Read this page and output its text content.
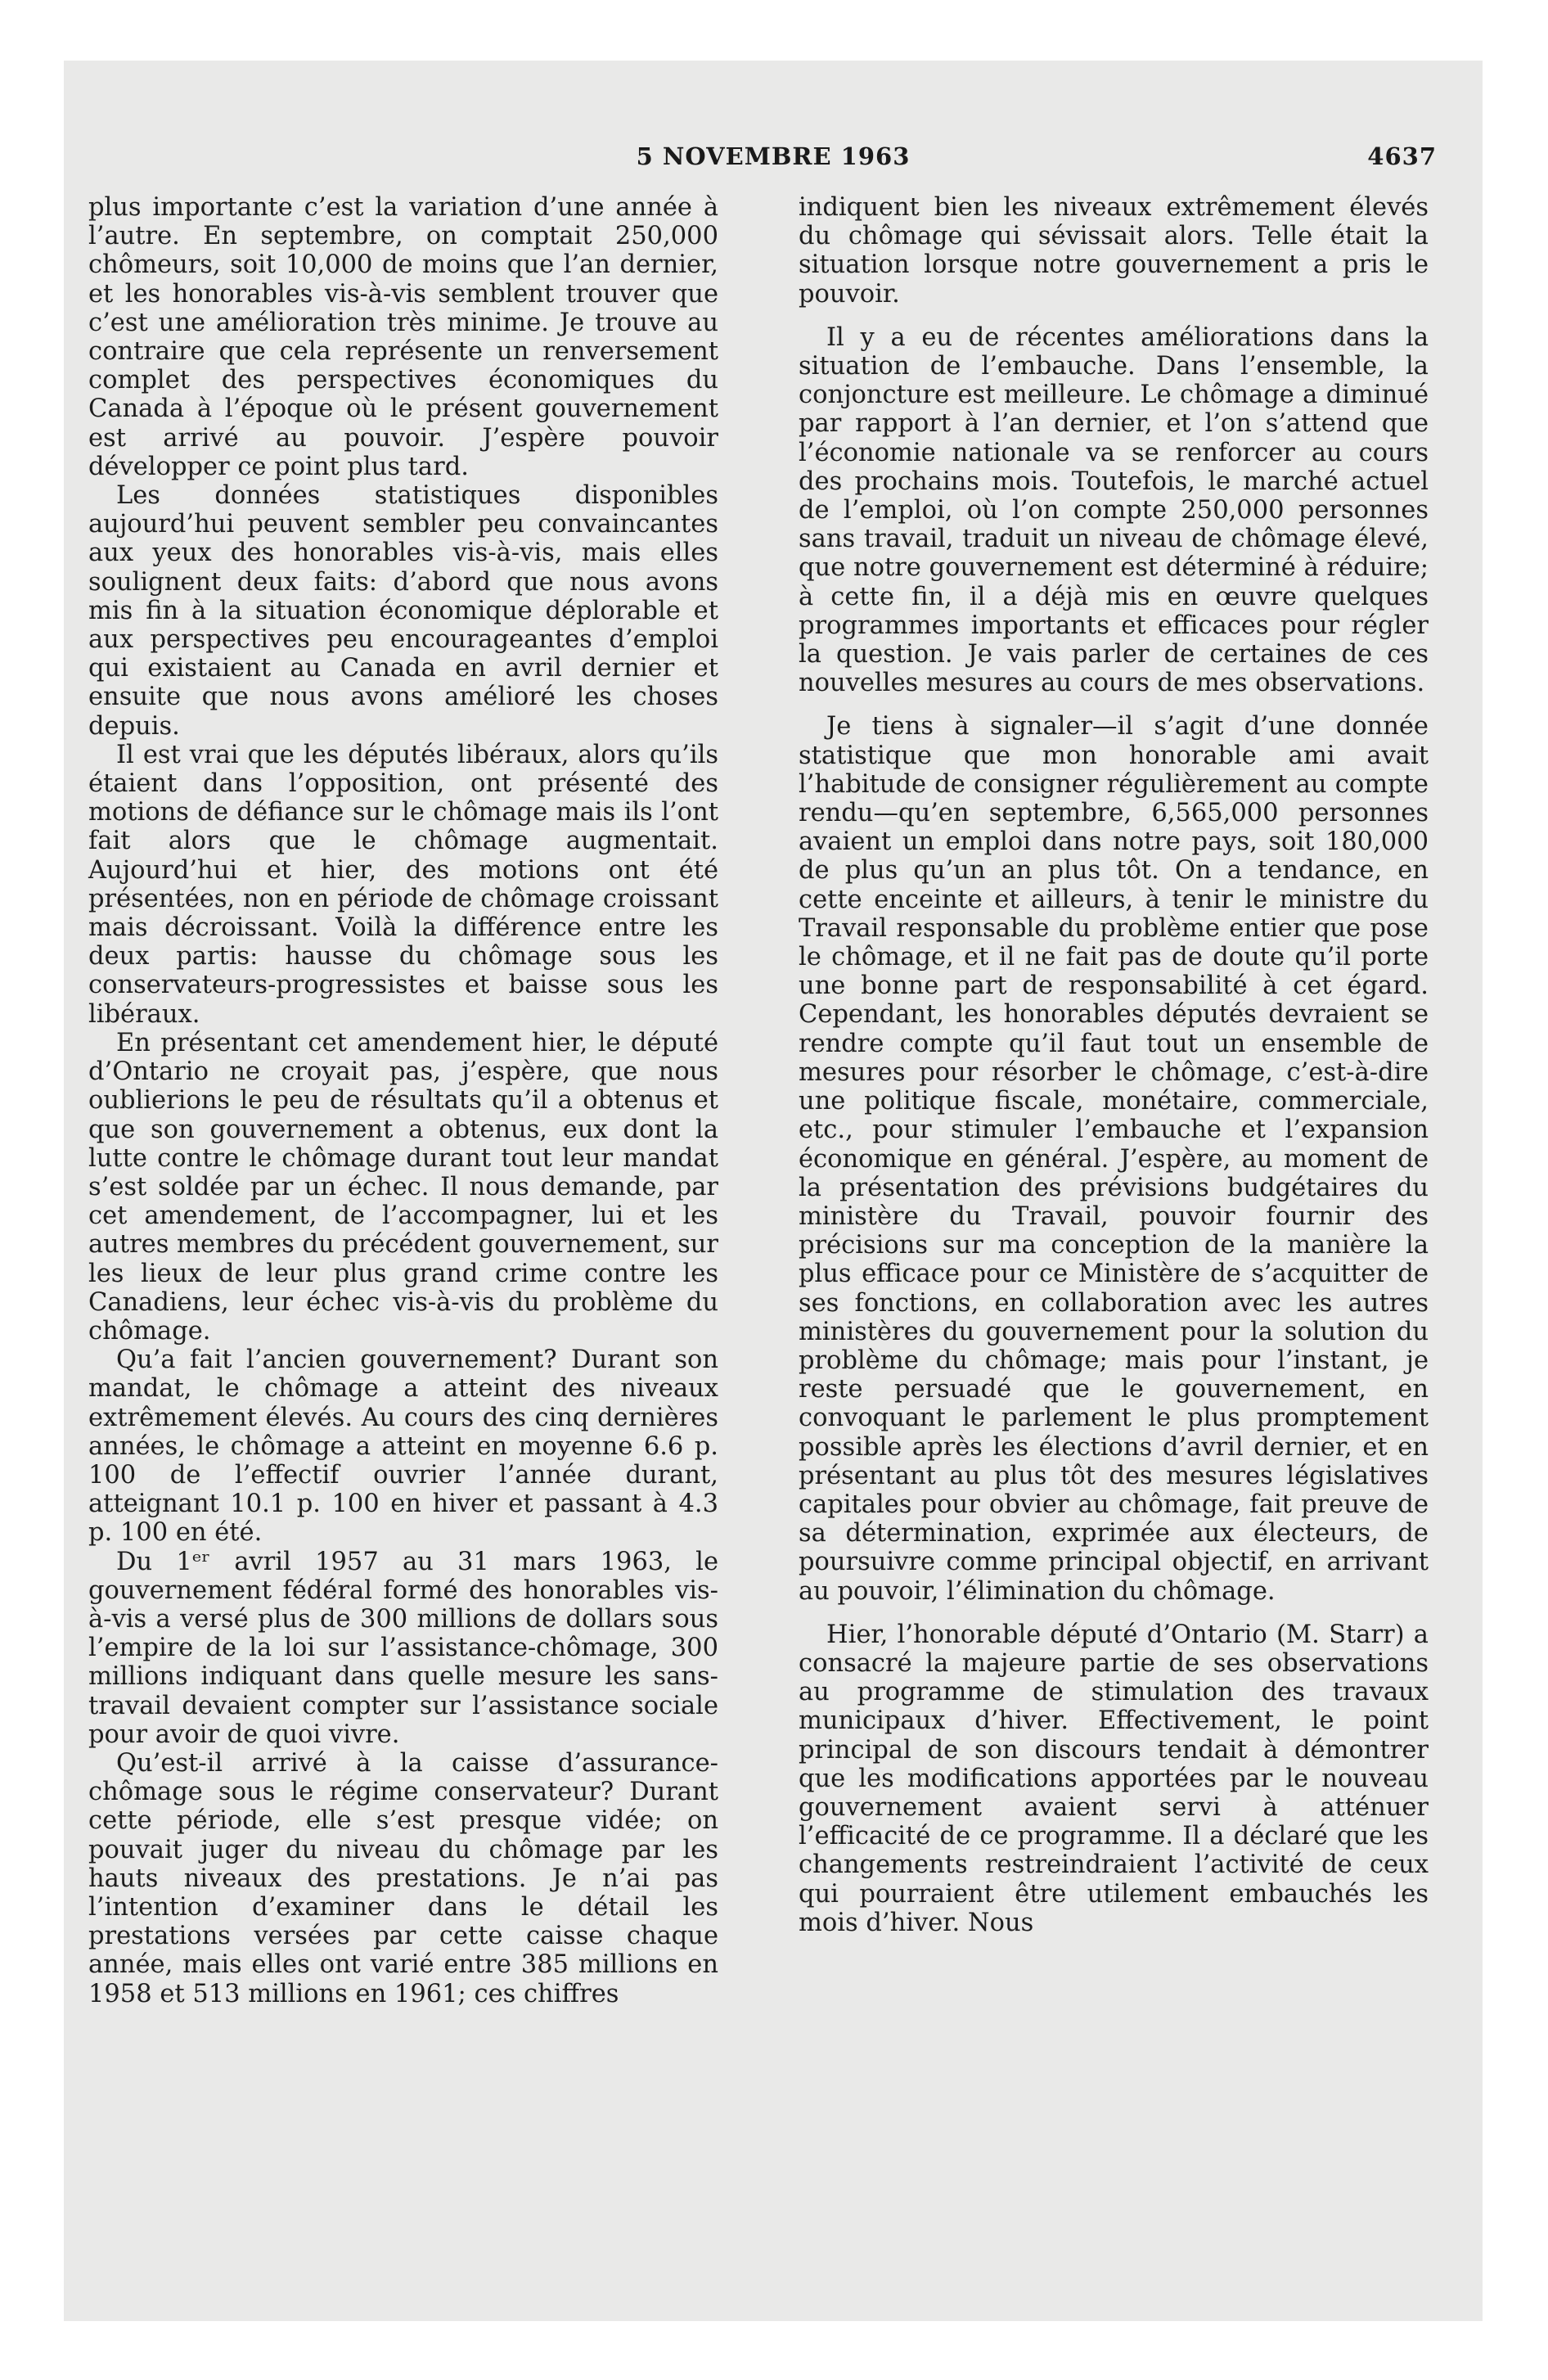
5 NOVEMBRE 1963	4637

plus importante c’est la variation d’une année à l’autre. En septembre, on comptait 250,000 chômeurs, soit 10,000 de moins que l’an dernier, et les honorables vis-à-vis semblent trouver que c’est une amélioration très minime. Je trouve au contraire que cela représente un renversement complet des perspectives économiques du Canada à l’époque où le présent gouvernement est arrivé au pouvoir. J’espère pouvoir développer ce point plus tard.

Les données statistiques disponibles aujourd’hui peuvent sembler peu convaincantes aux yeux des honorables vis-à-vis, mais elles soulignent deux faits: d’abord que nous avons mis fin à la situation économique déplorable et aux perspectives peu encourageantes d’emploi qui existaient au Canada en avril dernier et ensuite que nous avons amélioré les choses depuis.

Il est vrai que les députés libéraux, alors qu’ils étaient dans l’opposition, ont présenté des motions de défiance sur le chômage mais ils l’ont fait alors que le chômage augmentait. Aujourd’hui et hier, des motions ont été présentées, non en période de chômage croissant mais décroissant. Voilà la différence entre les deux partis: hausse du chômage sous les conservateurs-progressistes et baisse sous les libéraux.

En présentant cet amendement hier, le député d’Ontario ne croyait pas, j’espère, que nous oublierions le peu de résultats qu’il a obtenus et que son gouvernement a obtenus, eux dont la lutte contre le chômage durant tout leur mandat s’est soldée par un échec. Il nous demande, par cet amendement, de l’accompagner, lui et les autres membres du précédent gouvernement, sur les lieux de leur plus grand crime contre les Canadiens, leur échec vis-à-vis du problème du chômage.

Qu’a fait l’ancien gouvernement? Durant son mandat, le chômage a atteint des niveaux extrêmement élevés. Au cours des cinq dernières années, le chômage a atteint en moyenne 6.6 p. 100 de l’effectif ouvrier l’année durant, atteignant 10.1 p. 100 en hiver et passant à 4.3 p. 100 en été.

Du 1ᵉʳ avril 1957 au 31 mars 1963, le gouvernement fédéral formé des honorables vis-à-vis a versé plus de 300 millions de dollars sous l’empire de la loi sur l’assistance-chômage, 300 millions indiquant dans quelle mesure les sans-travail devaient compter sur l’assistance sociale pour avoir de quoi vivre.

Qu’est-il arrivé à la caisse d’assurance-chômage sous le régime conservateur? Durant cette période, elle s’est presque vidée; on pouvait juger du niveau du chômage par les hauts niveaux des prestations. Je n’ai pas l’intention d’examiner dans le détail les prestations versées par cette caisse chaque année, mais elles ont varié entre 385 millions en 1958 et 513 millions en 1961; ces chiffres

indiquent bien les niveaux extrêmement élevés du chômage qui sévissait alors. Telle était la situation lorsque notre gouvernement a pris le pouvoir.

Il y a eu de récentes améliorations dans la situation de l’embauche. Dans l’ensemble, la conjoncture est meilleure. Le chômage a diminué par rapport à l’an dernier, et l’on s’attend que l’économie nationale va se renforcer au cours des prochains mois. Toutefois, le marché actuel de l’emploi, où l’on compte 250,000 personnes sans travail, traduit un niveau de chômage élevé, que notre gouvernement est déterminé à réduire; à cette fin, il a déjà mis en œuvre quelques programmes importants et efficaces pour régler la question. Je vais parler de certaines de ces nouvelles mesures au cours de mes observations.

Je tiens à signaler—il s’agit d’une donnée statistique que mon honorable ami avait l’habitude de consigner régulièrement au compte rendu—qu’en septembre, 6,565,000 personnes avaient un emploi dans notre pays, soit 180,000 de plus qu’un an plus tôt. On a tendance, en cette enceinte et ailleurs, à tenir le ministre du Travail responsable du problème entier que pose le chômage, et il ne fait pas de doute qu’il porte une bonne part de responsabilité à cet égard. Cependant, les honorables députés devraient se rendre compte qu’il faut tout un ensemble de mesures pour résorber le chômage, c’est-à-dire une politique fiscale, monétaire, commerciale, etc., pour stimuler l’embauche et l’expansion économique en général. J’espère, au moment de la présentation des prévisions budgétaires du ministère du Travail, pouvoir fournir des précisions sur ma conception de la manière la plus efficace pour ce Ministère de s’acquitter de ses fonctions, en collaboration avec les autres ministères du gouvernement pour la solution du problème du chômage; mais pour l’instant, je reste persuadé que le gouvernement, en convoquant le parlement le plus promptement possible après les élections d’avril dernier, et en présentant au plus tôt des mesures législatives capitales pour obvier au chômage, fait preuve de sa détermination, exprimée aux électeurs, de poursuivre comme principal objectif, en arrivant au pouvoir, l’élimination du chômage.

Hier, l’honorable député d’Ontario (M. Starr) a consacré la majeure partie de ses observations au programme de stimulation des travaux municipaux d’hiver. Effectivement, le point principal de son discours tendait à démontrer que les modifications apportées par le nouveau gouvernement avaient servi à atténuer l’efficacité de ce programme. Il a déclaré que les changements restreindraient l’activité de ceux qui pourraient être utilement embauchés les mois d’hiver. Nous
